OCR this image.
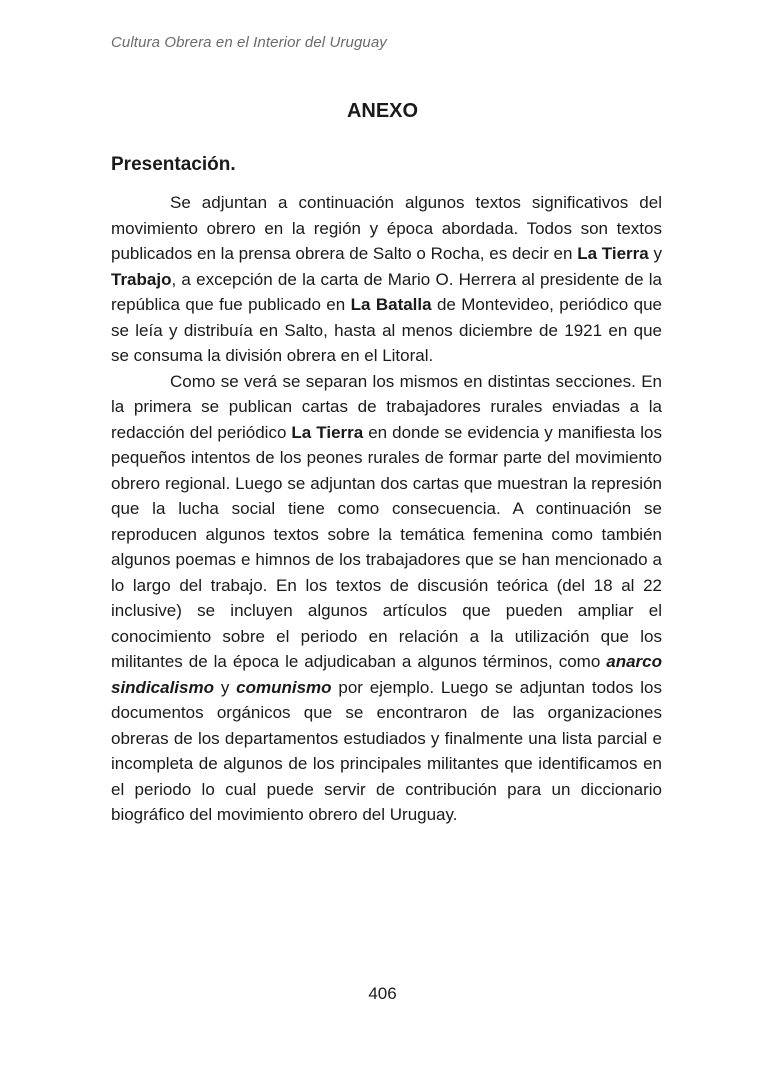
Cultura Obrera en el Interior del Uruguay
ANEXO
Presentación.

Se adjuntan a continuación algunos textos significativos del movimiento obrero en la región y época abordada. Todos son textos publicados en la prensa obrera de Salto o Rocha, es decir en La Tierra y Trabajo, a excepción de la carta de Mario O. Herrera al presidente de la república que fue publicado en La Batalla de Montevideo, periódico que se leía y distribuía en Salto, hasta al menos diciembre de 1921 en que se consuma la división obrera en el Litoral.

Como se verá se separan los mismos en distintas secciones. En la primera se publican cartas de trabajadores rurales enviadas a la redacción del periódico La Tierra en donde se evidencia y manifiesta los pequeños intentos de los peones rurales de formar parte del movimiento obrero regional. Luego se adjuntan dos cartas que muestran la represión que la lucha social tiene como consecuencia. A continuación se reproducen algunos textos sobre la temática femenina como también algunos poemas e himnos de los trabajadores que se han mencionado a lo largo del trabajo. En los textos de discusión teórica (del 18 al 22 inclusive) se incluyen algunos artículos que pueden ampliar el conocimiento sobre el periodo en relación a la utilización que los militantes de la época le adjudicaban a algunos términos, como anarco sindicalismo y comunismo por ejemplo. Luego se adjuntan todos los documentos orgánicos que se encontraron de las organizaciones obreras de los departamentos estudiados y finalmente una lista parcial e incompleta de algunos de los principales militantes que identificamos en el periodo lo cual puede servir de contribución para un diccionario biográfico del movimiento obrero del Uruguay.

406
